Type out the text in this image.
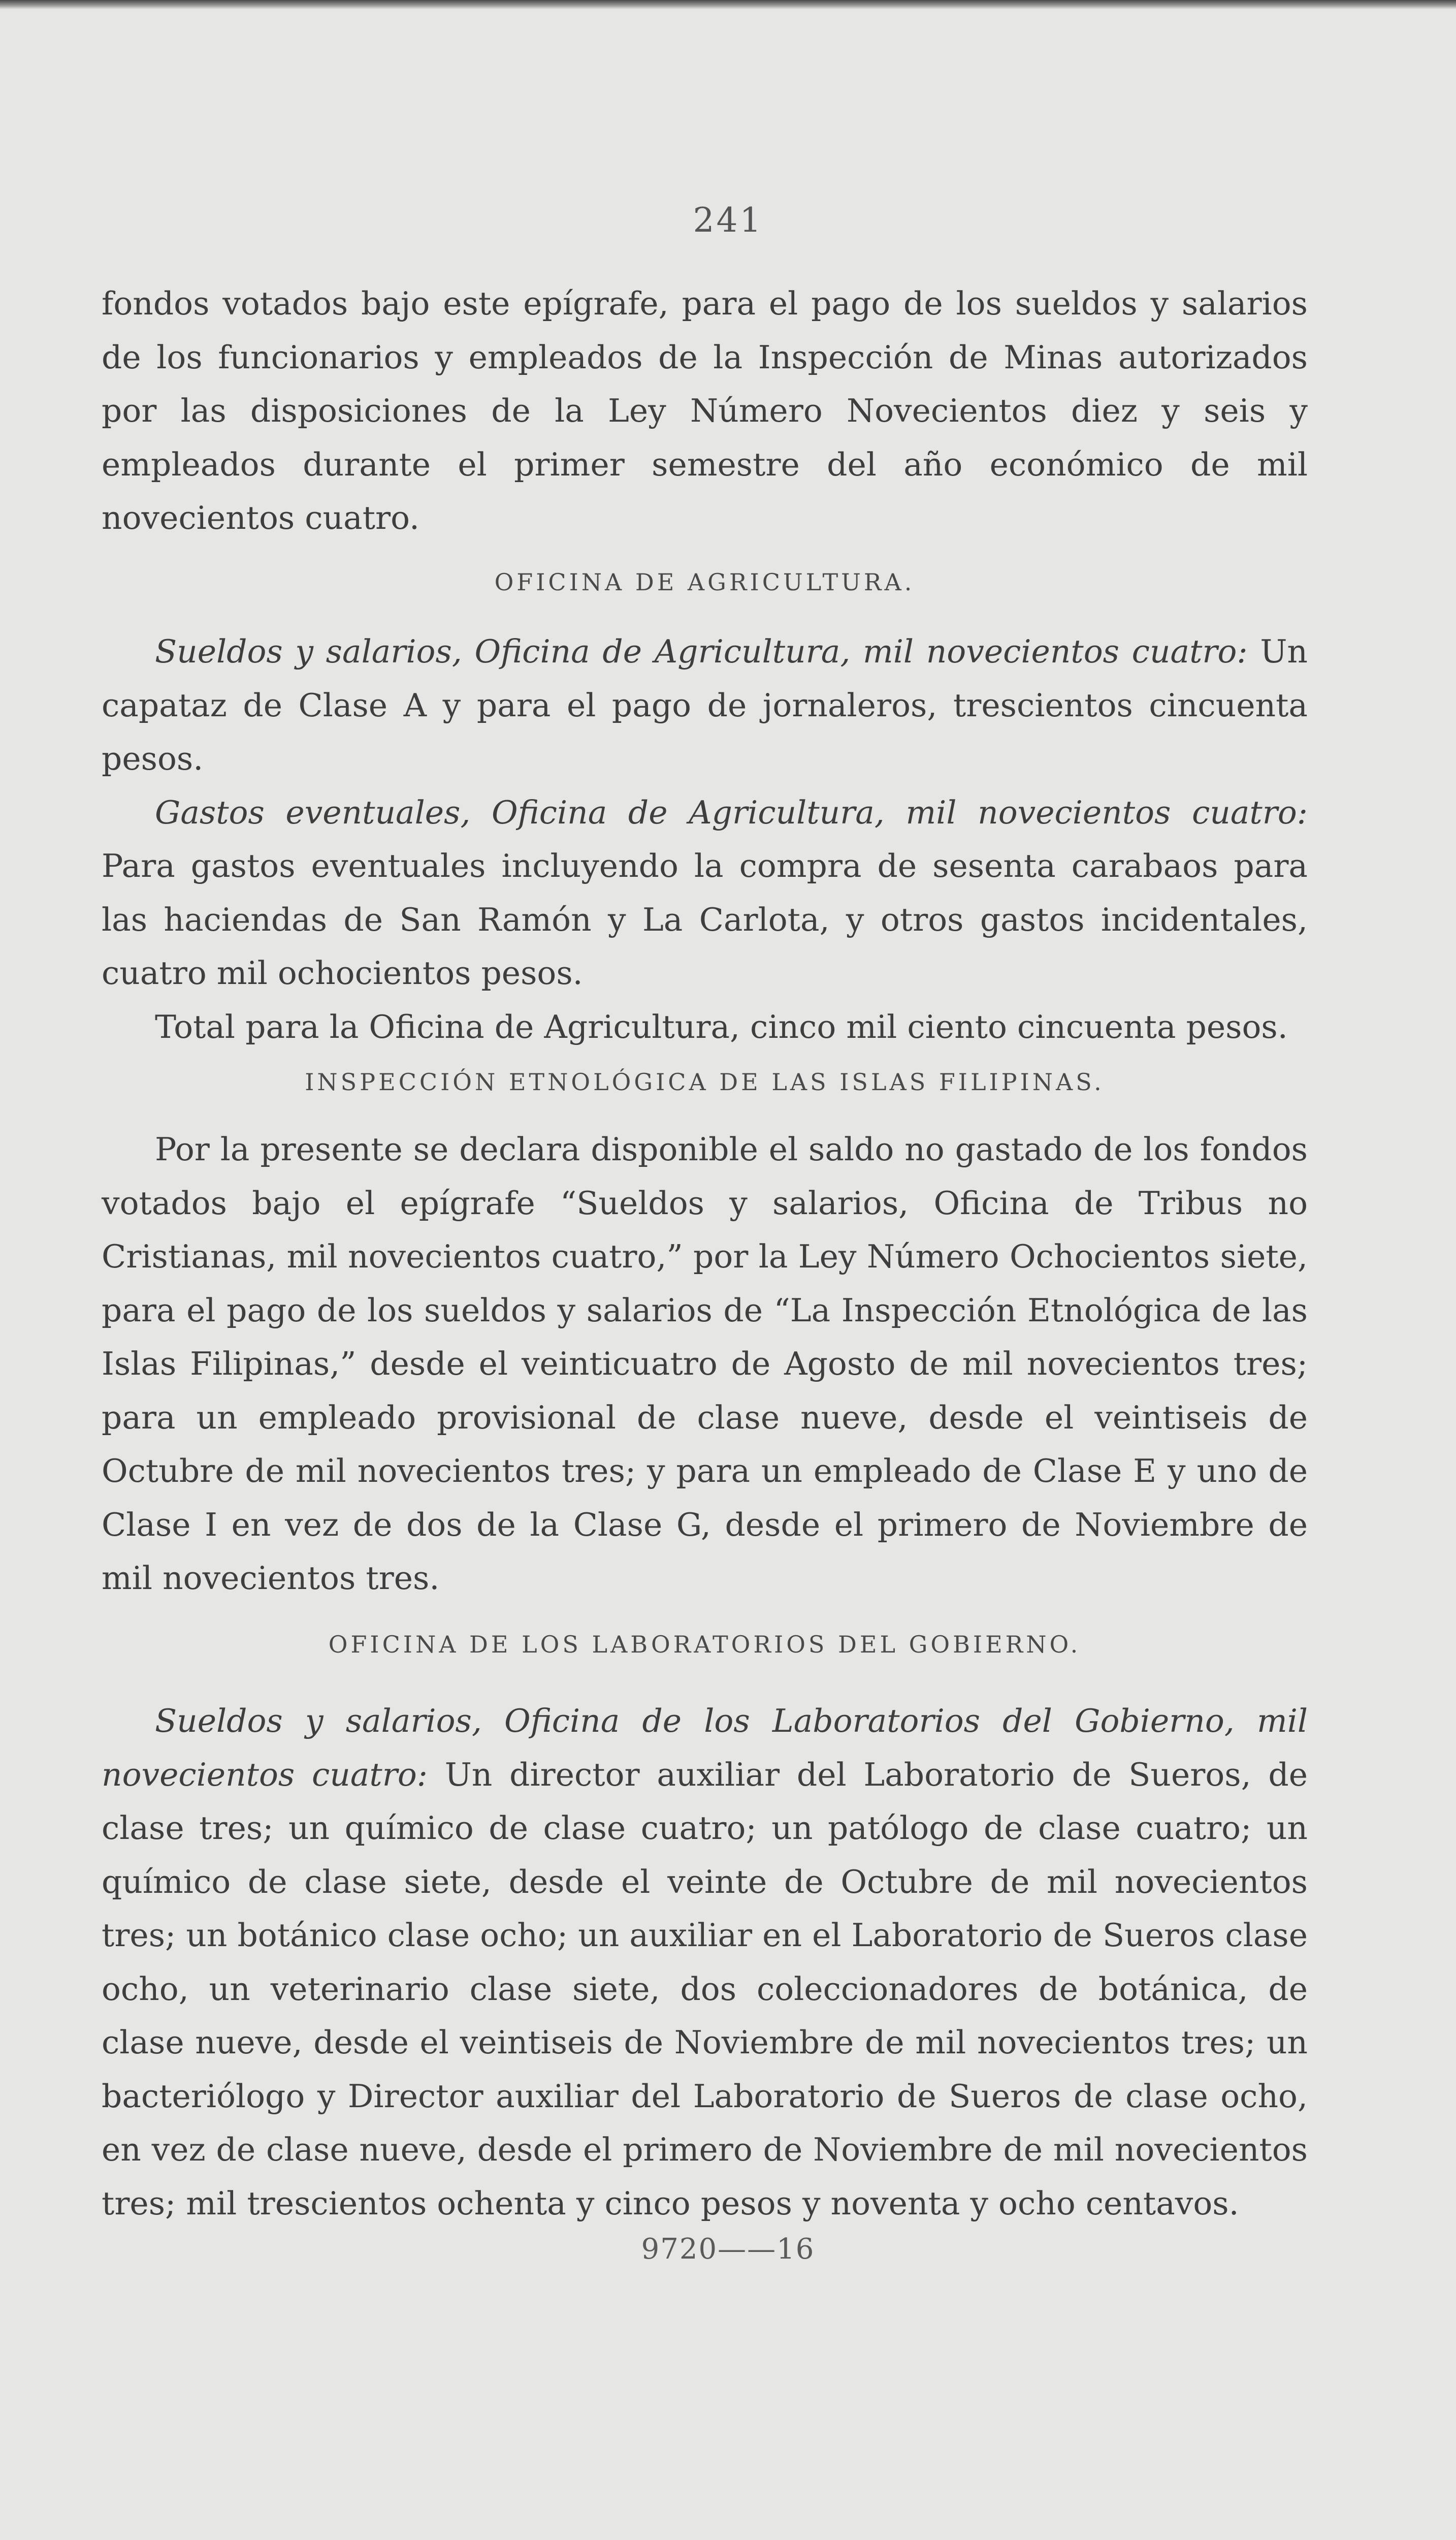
241

fondos votados bajo este epígrafe, para el pago de los sueldos y salarios de los funcionarios y empleados de la Inspección de Minas autorizados por las disposiciones de la Ley Número Novecientos diez y seis y empleados durante el primer semestre del año económico de mil novecientos cuatro.

OFICINA DE AGRICULTURA.

Sueldos y salarios, Oficina de Agricultura, mil novecientos cuatro: Un capataz de Clase A y para el pago de jornaleros, trescientos cincuenta pesos.

Gastos eventuales, Oficina de Agricultura, mil novecientos cuatro: Para gastos eventuales incluyendo la compra de sesenta carabaos para las haciendas de San Ramón y La Carlota, y otros gastos incidentales, cuatro mil ochocientos pesos.

Total para la Oficina de Agricultura, cinco mil ciento cincuenta pesos.

INSPECCIÓN ETNOLÓGICA DE LAS ISLAS FILIPINAS.

Por la presente se declara disponible el saldo no gastado de los fondos votados bajo el epígrafe “Sueldos y salarios, Oficina de Tribus no Cristianas, mil novecientos cuatro,” por la Ley Número Ochocientos siete, para el pago de los sueldos y salarios de “La Inspección Etnológica de las Islas Filipinas,” desde el veinticuatro de Agosto de mil novecientos tres; para un empleado provisional de clase nueve, desde el veintiseis de Octubre de mil novecientos tres; y para un empleado de Clase E y uno de Clase I en vez de dos de la Clase G, desde el primero de Noviembre de mil novecientos tres.

OFICINA DE LOS LABORATORIOS DEL GOBIERNO.

Sueldos y salarios, Oficina de los Laboratorios del Gobierno, mil novecientos cuatro: Un director auxiliar del Laboratorio de Sueros, de clase tres; un químico de clase cuatro; un patólogo de clase cuatro; un químico de clase siete, desde el veinte de Octubre de mil novecientos tres; un botánico clase ocho; un auxiliar en el Laboratorio de Sueros clase ocho, un veterinario clase siete, dos coleccionadores de botánica, de clase nueve, desde el veintiseis de Noviembre de mil novecientos tres; un bacteriólogo y Director auxiliar del Laboratorio de Sueros de clase ocho, en vez de clase nueve, desde el primero de Noviembre de mil novecientos tres; mil trescientos ochenta y cinco pesos y noventa y ocho centavos.

9720——16
